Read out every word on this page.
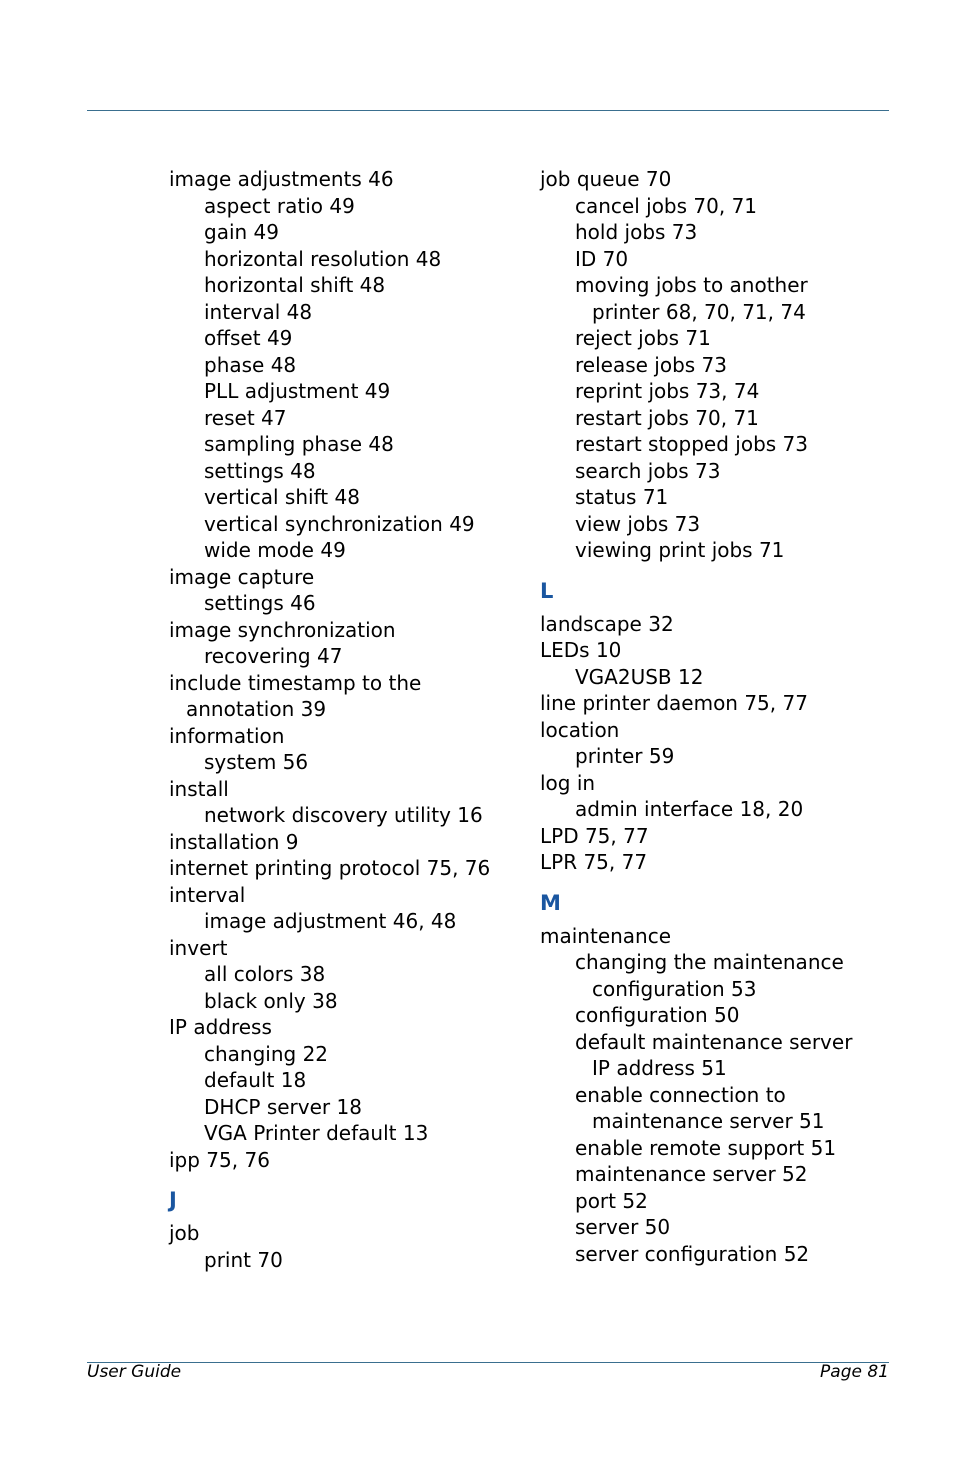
image adjustments 46
aspect ratio 49
gain 49
horizontal resolution 48
horizontal shift 48
interval 48
offset 49
phase 48
PLL adjustment 49
reset 47
sampling phase 48
settings 48
vertical shift 48
vertical synchronization 49
wide mode 49
image capture
settings 46
image synchronization
recovering 47
include timestamp to the
annotation 39
information
system 56
install
network discovery utility 16
installation 9
internet printing protocol 75, 76
interval
image adjustment 46, 48
invert
all colors 38
black only 38
IP address
changing 22
default 18
DHCP server 18
VGA Printer default 13
ipp 75, 76
J
job
print 70
job queue 70
cancel jobs 70, 71
hold jobs 73
ID 70
moving jobs to another
printer 68, 70, 71, 74
reject jobs 71
release jobs 73
reprint jobs 73, 74
restart jobs 70, 71
restart stopped jobs 73
search jobs 73
status 71
view jobs 73
viewing print jobs 71
L
landscape 32
LEDs 10
VGA2USB 12
line printer daemon 75, 77
location
printer 59
log in
admin interface 18, 20
LPD 75, 77
LPR 75, 77
M
maintenance
changing the maintenance
configuration 53
configuration 50
default maintenance server
IP address 51
enable connection to
maintenance server 51
enable remote support 51
maintenance server 52
port 52
server 50
server configuration 52
User Guide	Page 81
